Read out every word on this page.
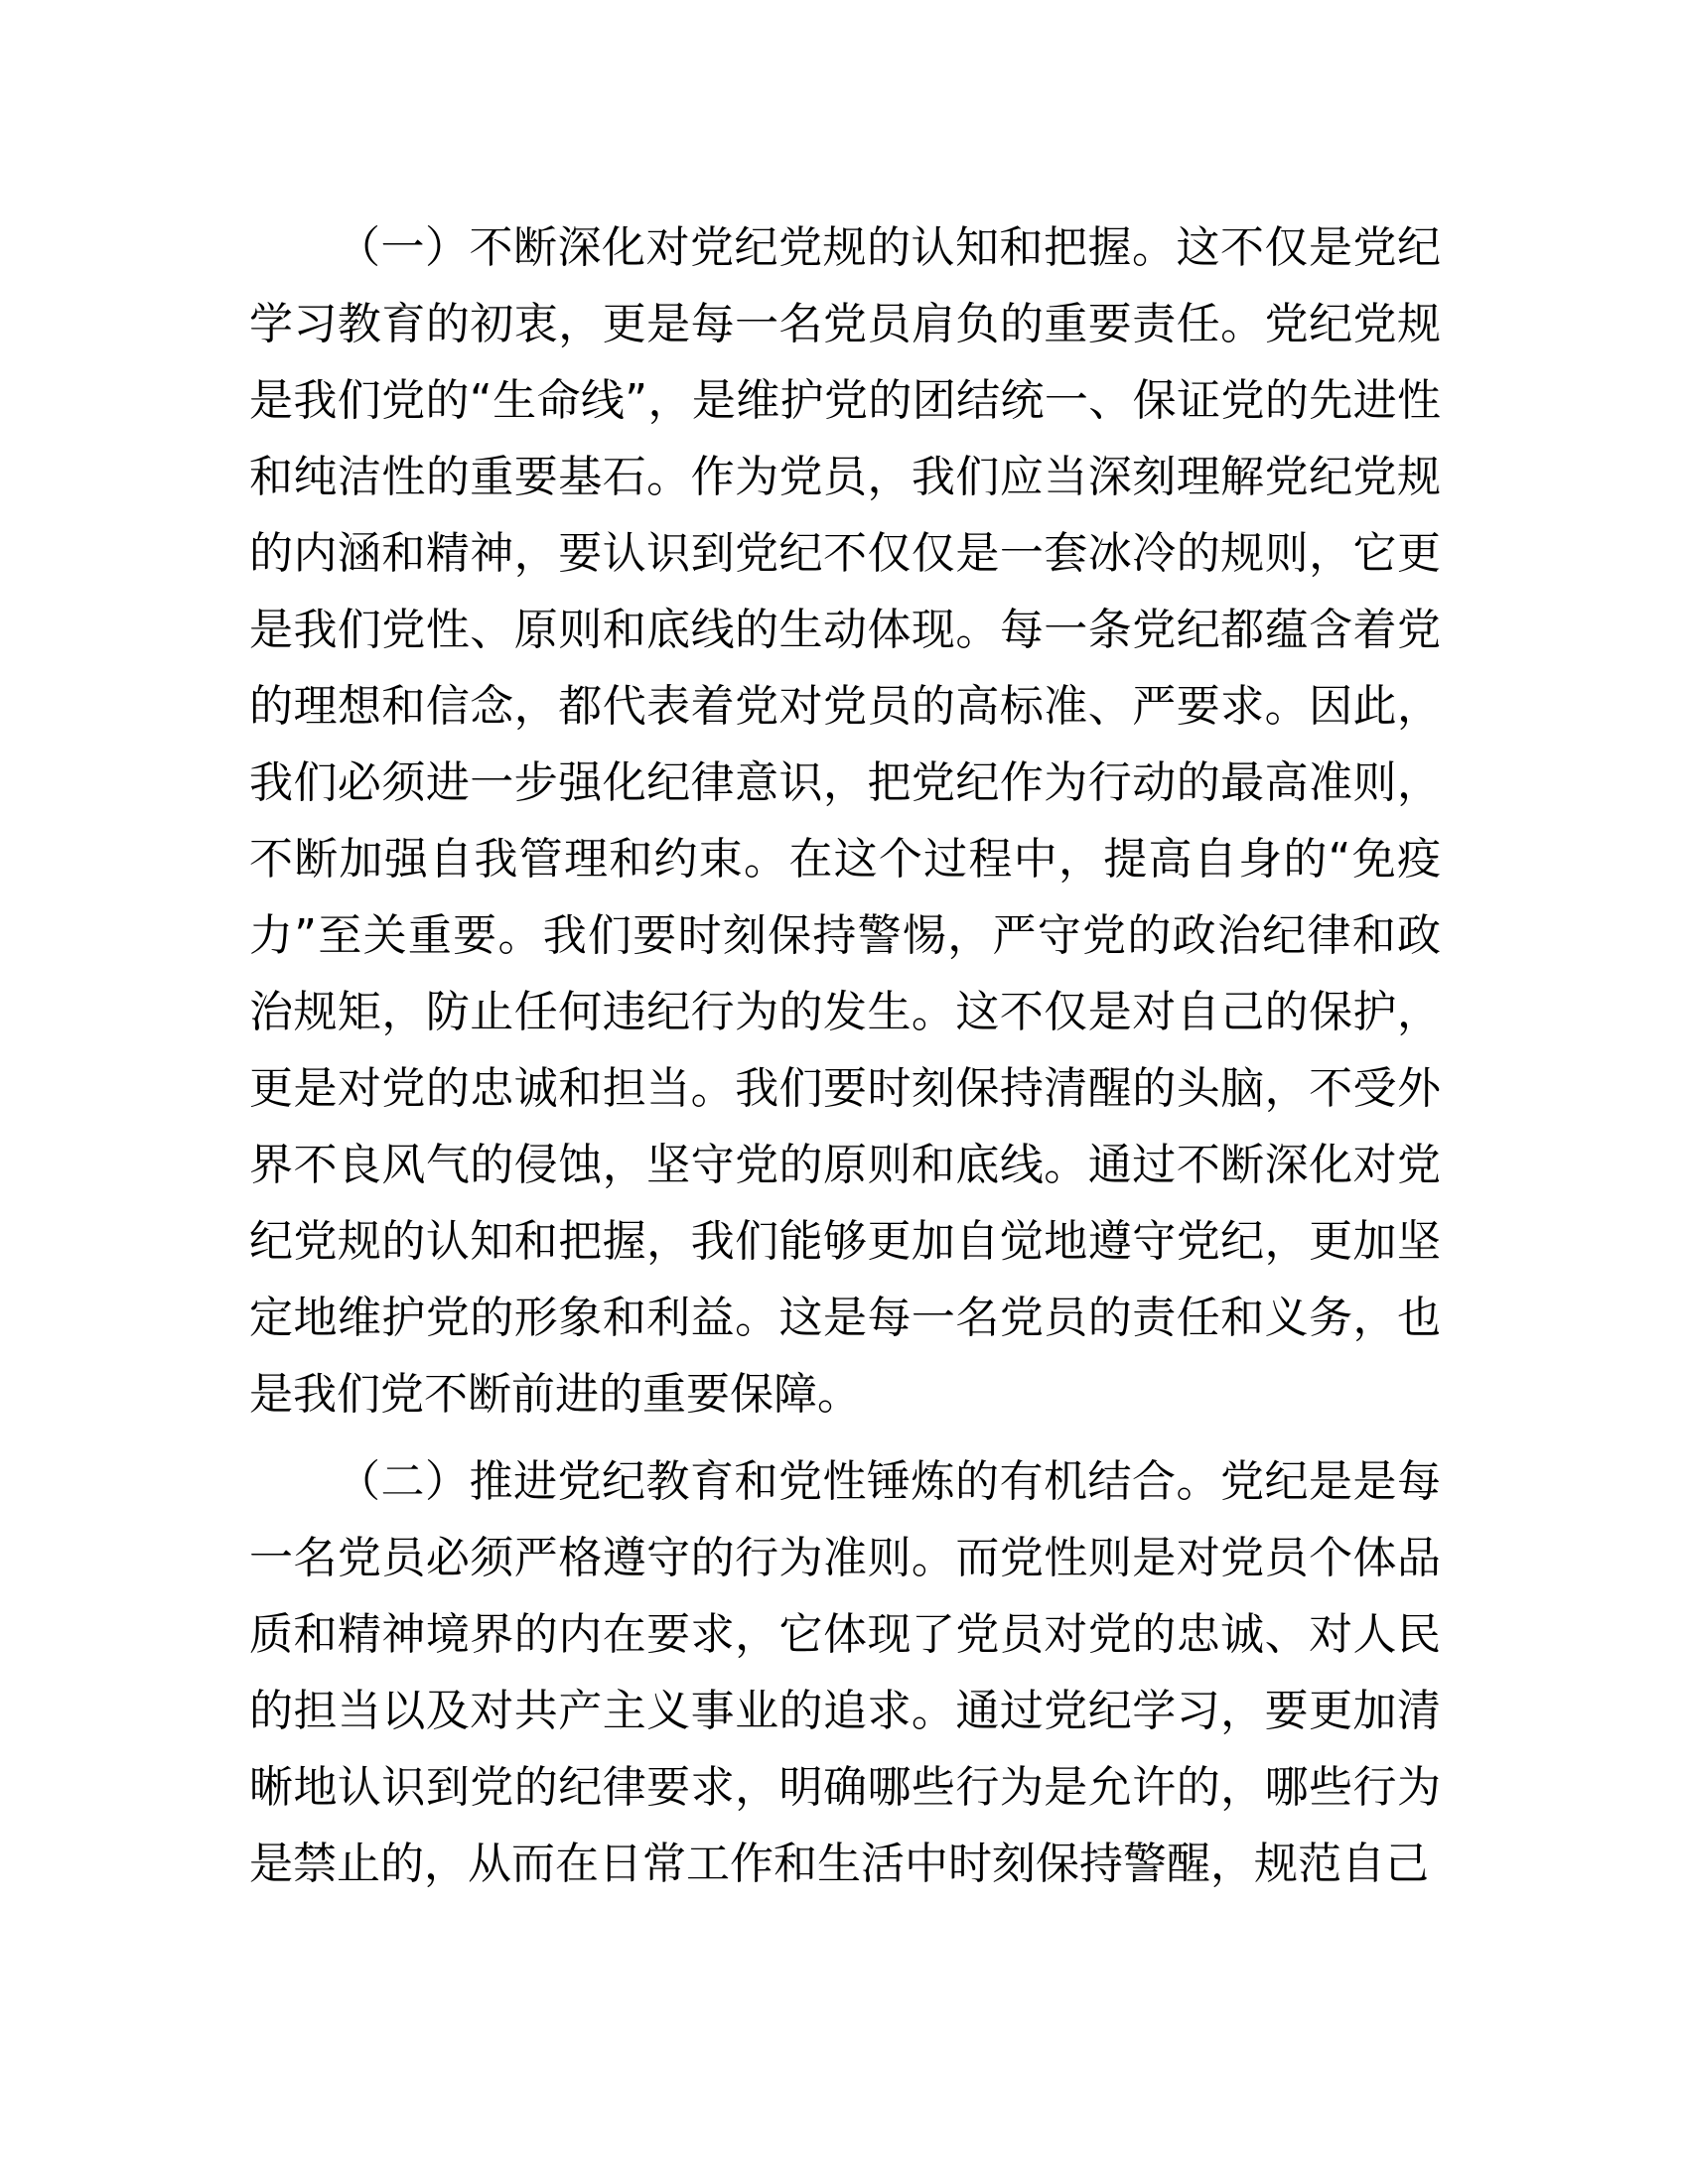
（一）不断深化对党纪党规的认知和把握。这不仅是党纪学习教育的初衷，更是每一名党员肩负的重要责任。党纪党规是我们党的“生命线”，是维护党的团结统一、保证党的先进性和纯洁性的重要基石。作为党员，我们应当深刻理解党纪党规的内涵和精神，要认识到党纪不仅仅是一套冰冷的规则，它更是我们党性、原则和底线的生动体现。每一条党纪都蕴含着党的理想和信念，都代表着党对党员的高标准、严要求。因此，我们必须进一步强化纪律意识，把党纪作为行动的最高准则，不断加强自我管理和约束。在这个过程中，提高自身的“免疫力”至关重要。我们要时刻保持警惕，严守党的政治纪律和政治规矩，防止任何违纪行为的发生。这不仅是对自己的保护，更是对党的忠诚和担当。我们要时刻保持清醒的头脑，不受外界不良风气的侵蚀，坚守党的原则和底线。通过不断深化对党纪党规的认知和把握，我们能够更加自觉地遵守党纪，更加坚定地维护党的形象和利益。这是每一名党员的责任和义务，也是我们党不断前进的重要保障。

（二）推进党纪教育和党性锤炼的有机结合。党纪是是每一名党员必须严格遵守的行为准则。而党性则是对党员个体品质和精神境界的内在要求，它体现了党员对党的忠诚、对人民的担当以及对共产主义事业的追求。通过党纪学习，要更加清晰地认识到党的纪律要求，明确哪些行为是允许的，哪些行为是禁止的，从而在日常工作和生活中时刻保持警醒，规范自己
